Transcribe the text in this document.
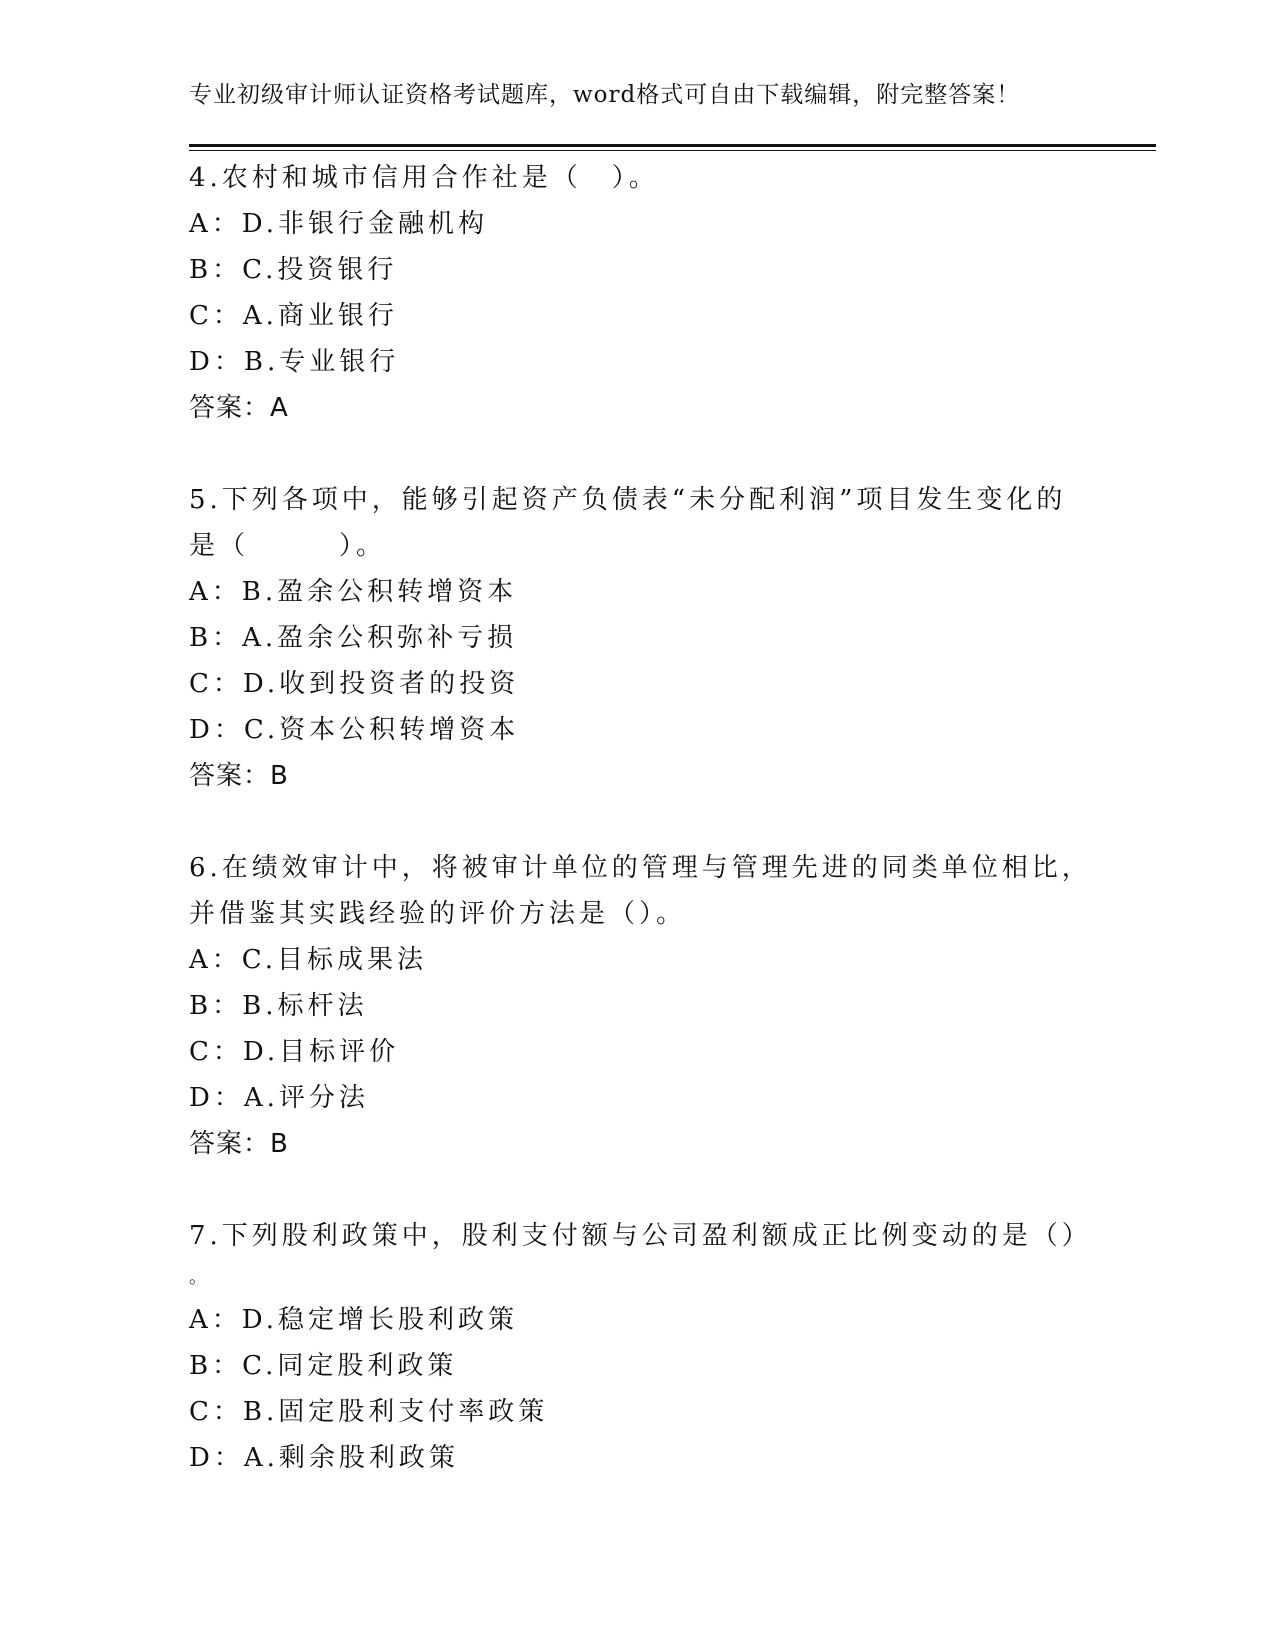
专业初级审计师认证资格考试题库，word格式可自由下载编辑，附完整答案！
4.农村和城市信用合作社是（　）。
A：D.非银行金融机构
B：C.投资银行
C：A.商业银行
D：B.专业银行
答案：A
5.下列各项中，能够引起资产负债表“未分配利润”项目发生变化的
是（　　　）。
A：B.盈余公积转增资本
B：A.盈余公积弥补亏损
C：D.收到投资者的投资
D：C.资本公积转增资本
答案：B
6.在绩效审计中，将被审计单位的管理与管理先进的同类单位相比，
并借鉴其实践经验的评价方法是（）。
A：C.目标成果法
B：B.标杆法
C：D.目标评价
D：A.评分法
答案：B
7.下列股利政策中，股利支付额与公司盈利额成正比例变动的是（）
。
A：D.稳定增长股利政策
B：C.同定股利政策
C：B.固定股利支付率政策
D：A.剩余股利政策
